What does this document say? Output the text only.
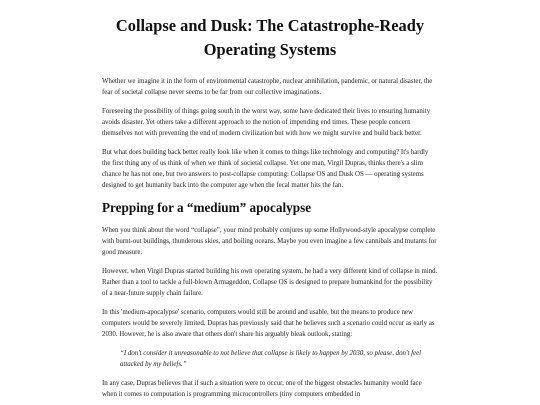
Collapse and Dusk: The Catastrophe-Ready Operating Systems

Whether we imagine it in the form of environmental catastrophe, nuclear annihilation, pandemic, or natural disaster, the fear of societal collapse never seems to be far from our collective imaginations.

Foreseeing the possibility of things going south in the worst way, some have dedicated their lives to ensuring humanity avoids disaster. Yet others take a different approach to the notion of impending end times. These people concern themselves not with preventing the end of modern civilization but with how we might survive and build back better.

But what does building back better really look like when it comes to things like technology and computing? It's hardly the first thing any of us think of when we think of societal collapse. Yet one man, Virgil Dupras, thinks there's a slim chance he has not one, but two answers to post-collapse computing: Collapse OS and Dusk OS — operating systems designed to get humanity back into the computer age when the fecal matter hits the fan.

Prepping for a “medium” apocalypse

When you think about the word “collapse”, your mind probably conjures up some Hollywood-style apocalypse complete with burnt-out buildings, thunderous skies, and boiling oceans. Maybe you even imagine a few cannibals and mutants for good measure.

However, when Virgil Dupras started building his own operating system, he had a very different kind of collapse in mind. Rather than a tool to tackle a full-blown Armageddon, Collapse OS is designed to prepare humankind for the possibility of a near-future supply chain failure.

In this 'medium-apocalypse' scenario, computers would still be around and usable, but the means to produce new computers would be severely limited. Dupras has previously said that he believes such a scenario could occur as early as 2030. However, he is also aware that others don't share his arguably bleak outlook, stating:

“I don't consider it unreasonable to not believe that collapse is likely to happen by 2030, so please, don't feel attacked by my beliefs.”

In any case, Dupras believes that if such a situation were to occur, one of the biggest obstacles humanity would face when it comes to computation is programming microcontrollers (tiny computers embedded in
